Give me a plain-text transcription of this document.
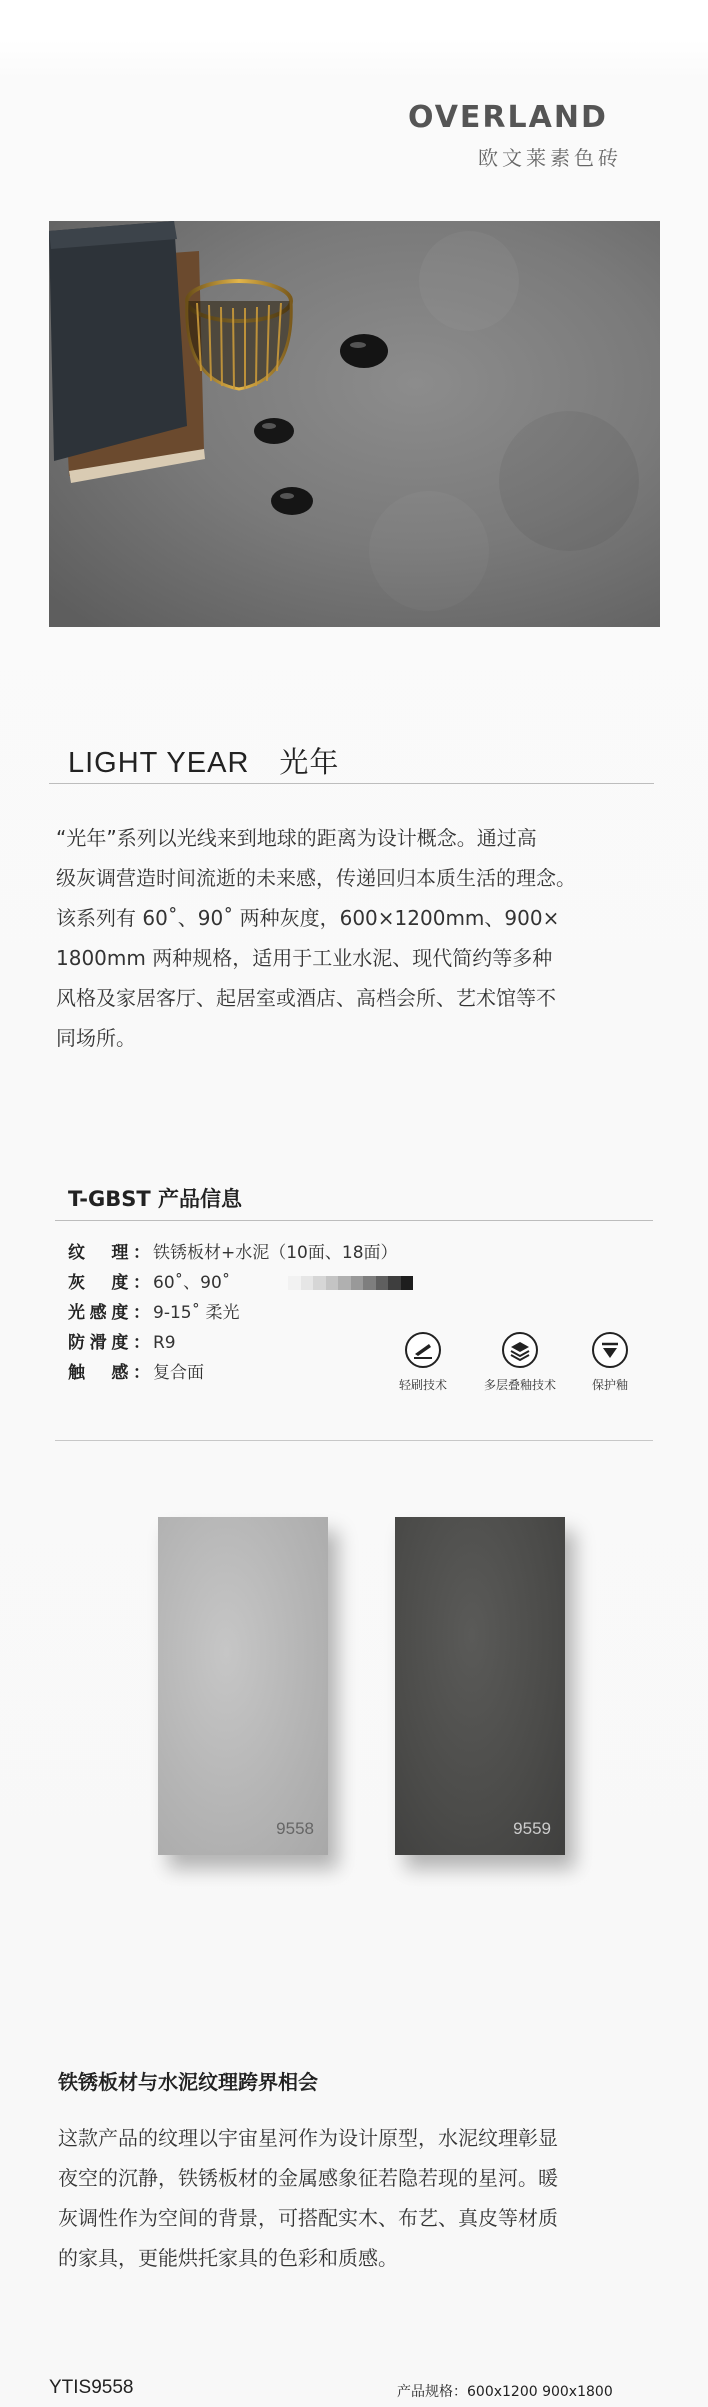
OVERLAND
欧文莱素色砖
LIGHT YEAR　光年

“光年”系列以光线来到地球的距离为设计概念。通过高

级灰调营造时间流逝的未来感，传递回归本质生活的理念。

该系列有 60˚、90˚ 两种灰度，600×1200mm、900×

1800mm 两种规格，适用于工业水泥、现代简约等多种

风格及家居客厅、起居室或酒店、高档会所、艺术馆等不

同场所。

T-GBST 产品信息
纹　理： 铁锈板材+水泥（10面、18面）
灰　度： 60˚、90˚
光感度： 9-15˚ 柔光
防滑度： R9
触　感： 复合面
轻刷技术	多层叠釉技术	保护釉
9558	9559
铁锈板材与水泥纹理跨界相会

这款产品的纹理以宇宙星河作为设计原型，水泥纹理彰显

夜空的沉静，铁锈板材的金属感象征若隐若现的星河。暖

灰调性作为空间的背景，可搭配实木、布艺、真皮等材质

的家具，更能烘托家具的色彩和质感。

YTIS9558	产品规格：600x1200 900x1800
